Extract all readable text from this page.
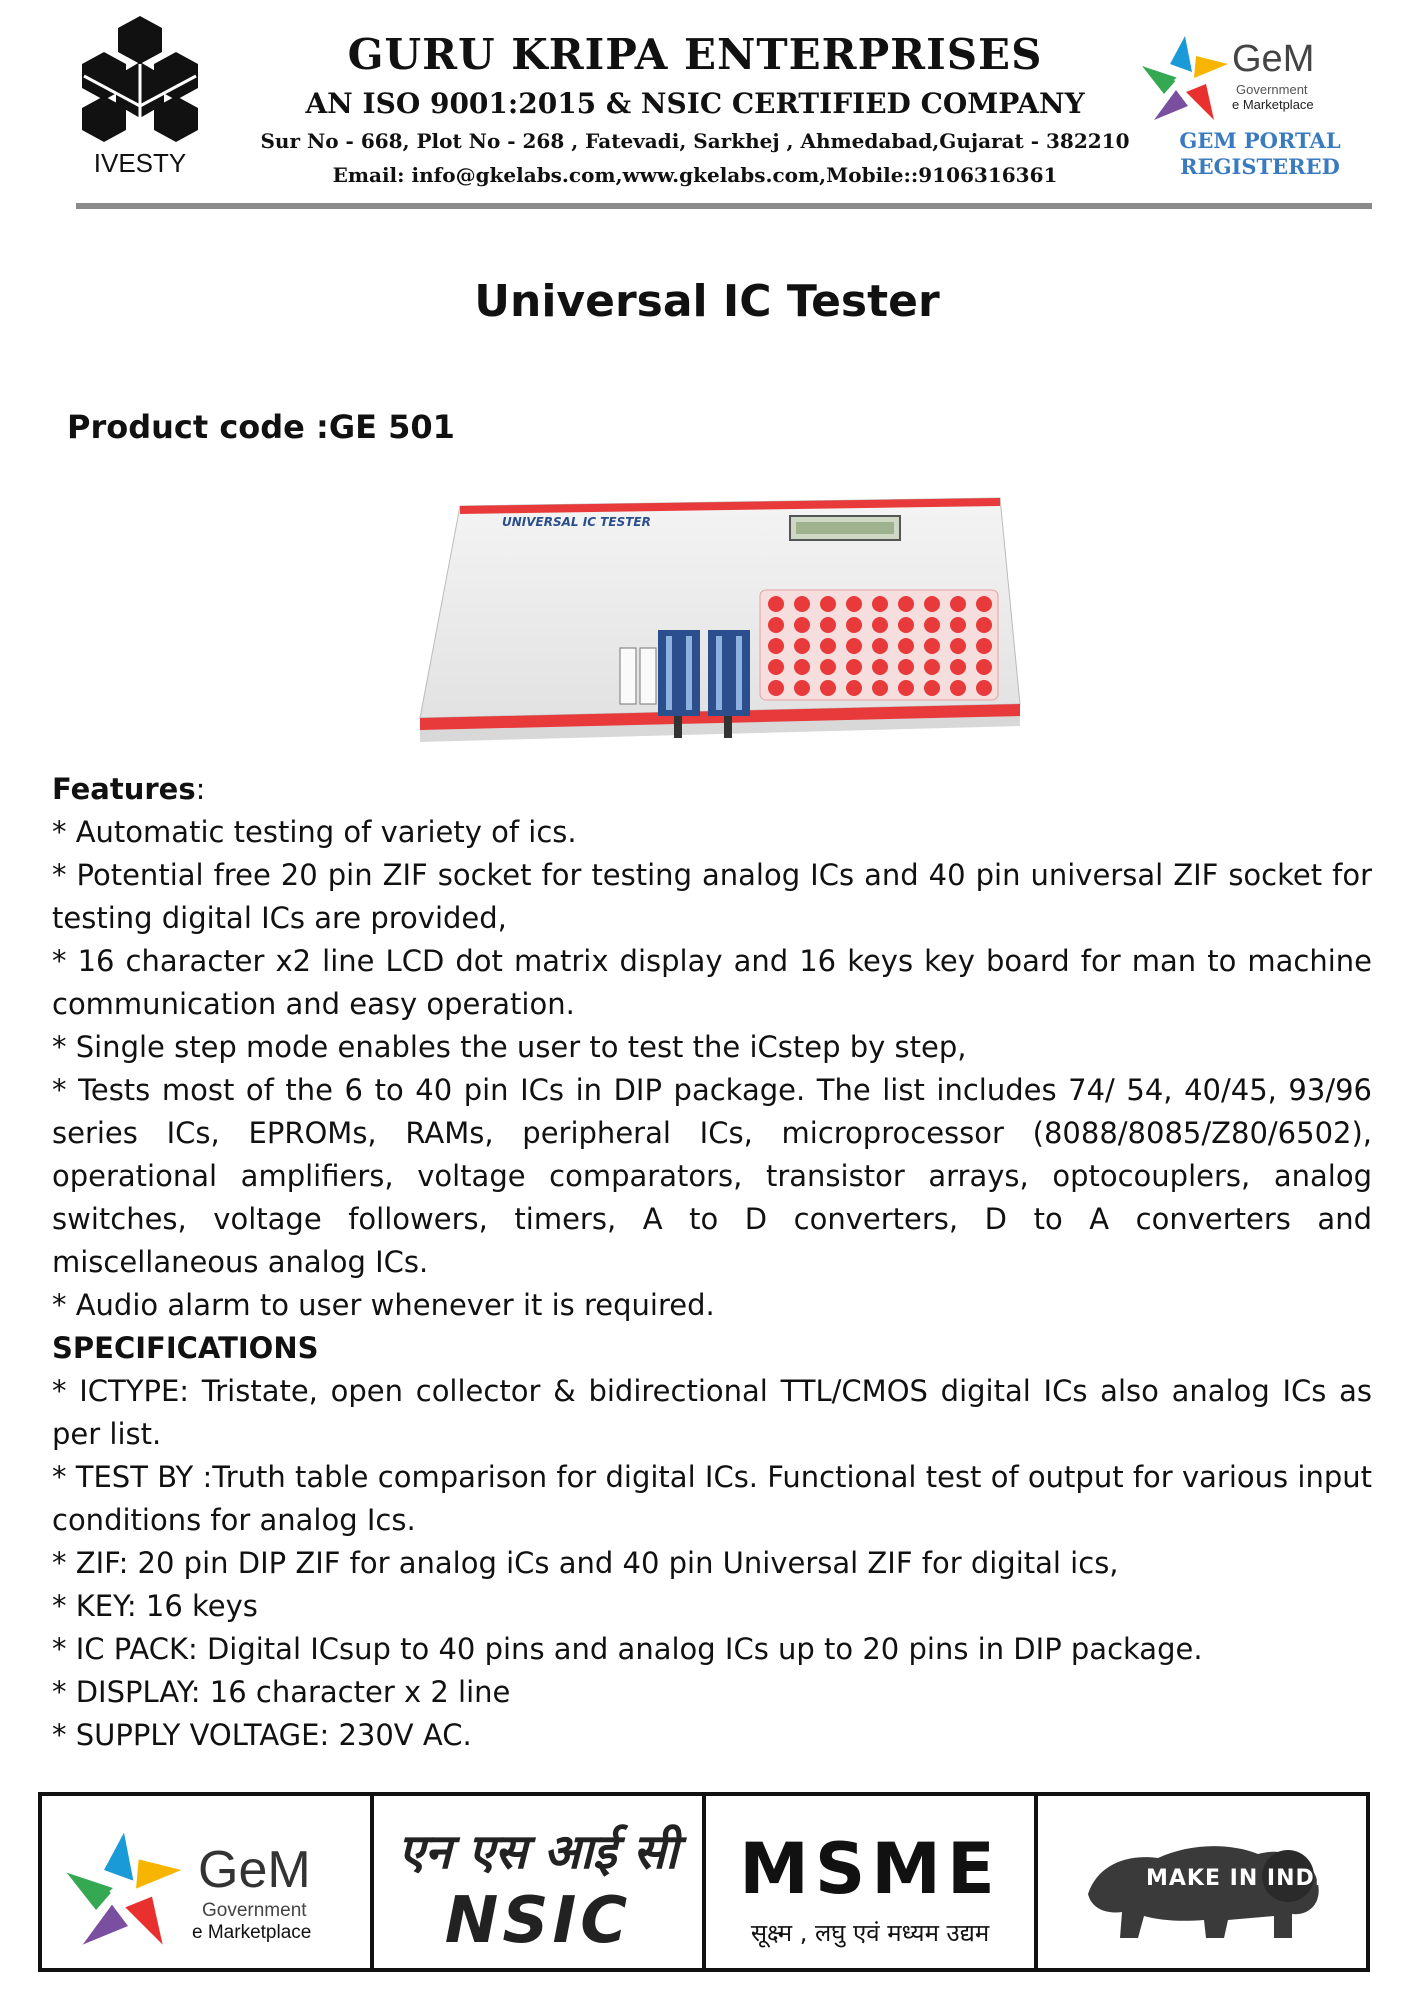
IVESTY
GURU KRIPA ENTERPRISES
AN ISO 9001:2015 & NSIC CERTIFIED COMPANY
Sur No - 668, Plot No - 268 , Fatevadi, Sarkhej , Ahmedabad,Gujarat - 382210
Email: info@gkelabs.com,www.gkelabs.com,Mobile::9106316361
GeM
Government
e Marketplace
GEM PORTAL
REGISTERED
Universal IC Tester
Product code :GE 501
UNIVERSAL IC TESTER

Features:

* Automatic testing of variety of ics.

* Potential free 20 pin ZIF socket for testing analog ICs and 40 pin universal ZIF socket for testing digital ICs are provided,

* 16 character x2 line LCD dot matrix display and 16 keys key board for man to machine communication and easy operation.

* Single step mode enables the user to test the iCstep by step,

* Tests most of the 6 to 40 pin ICs in DIP package. The list includes 74/ 54, 40/45, 93/96 series ICs, EPROMs, RAMs, peripheral ICs, microprocessor (8088/8085/Z80/6502), operational amplifiers, voltage comparators, transistor arrays, optocouplers, analog switches, voltage followers, timers, A to D converters, D to A converters and miscellaneous analog ICs.

* Audio alarm to user whenever it is required.

SPECIFICATIONS

* ICTYPE: Tristate, open collector & bidirectional TTL/CMOS digital ICs also analog ICs as per list.

* TEST BY :Truth table comparison for digital ICs. Functional test of output for various input conditions for analog Ics.

* ZIF: 20 pin DIP ZIF for analog iCs and 40 pin Universal ZIF for digital ics,

* KEY: 16 keys

* IC PACK: Digital ICsup to 40 pins and analog ICs up to 20 pins in DIP package.

* DISPLAY: 16 character x 2 line

* SUPPLY VOLTAGE: 230V AC.

GeM
Government
e Marketplace
एन एस आई सी
NSIC
MSME
सूक्ष्म , लघु एवं मध्यम उद्यम
MAKE IN INDIA
